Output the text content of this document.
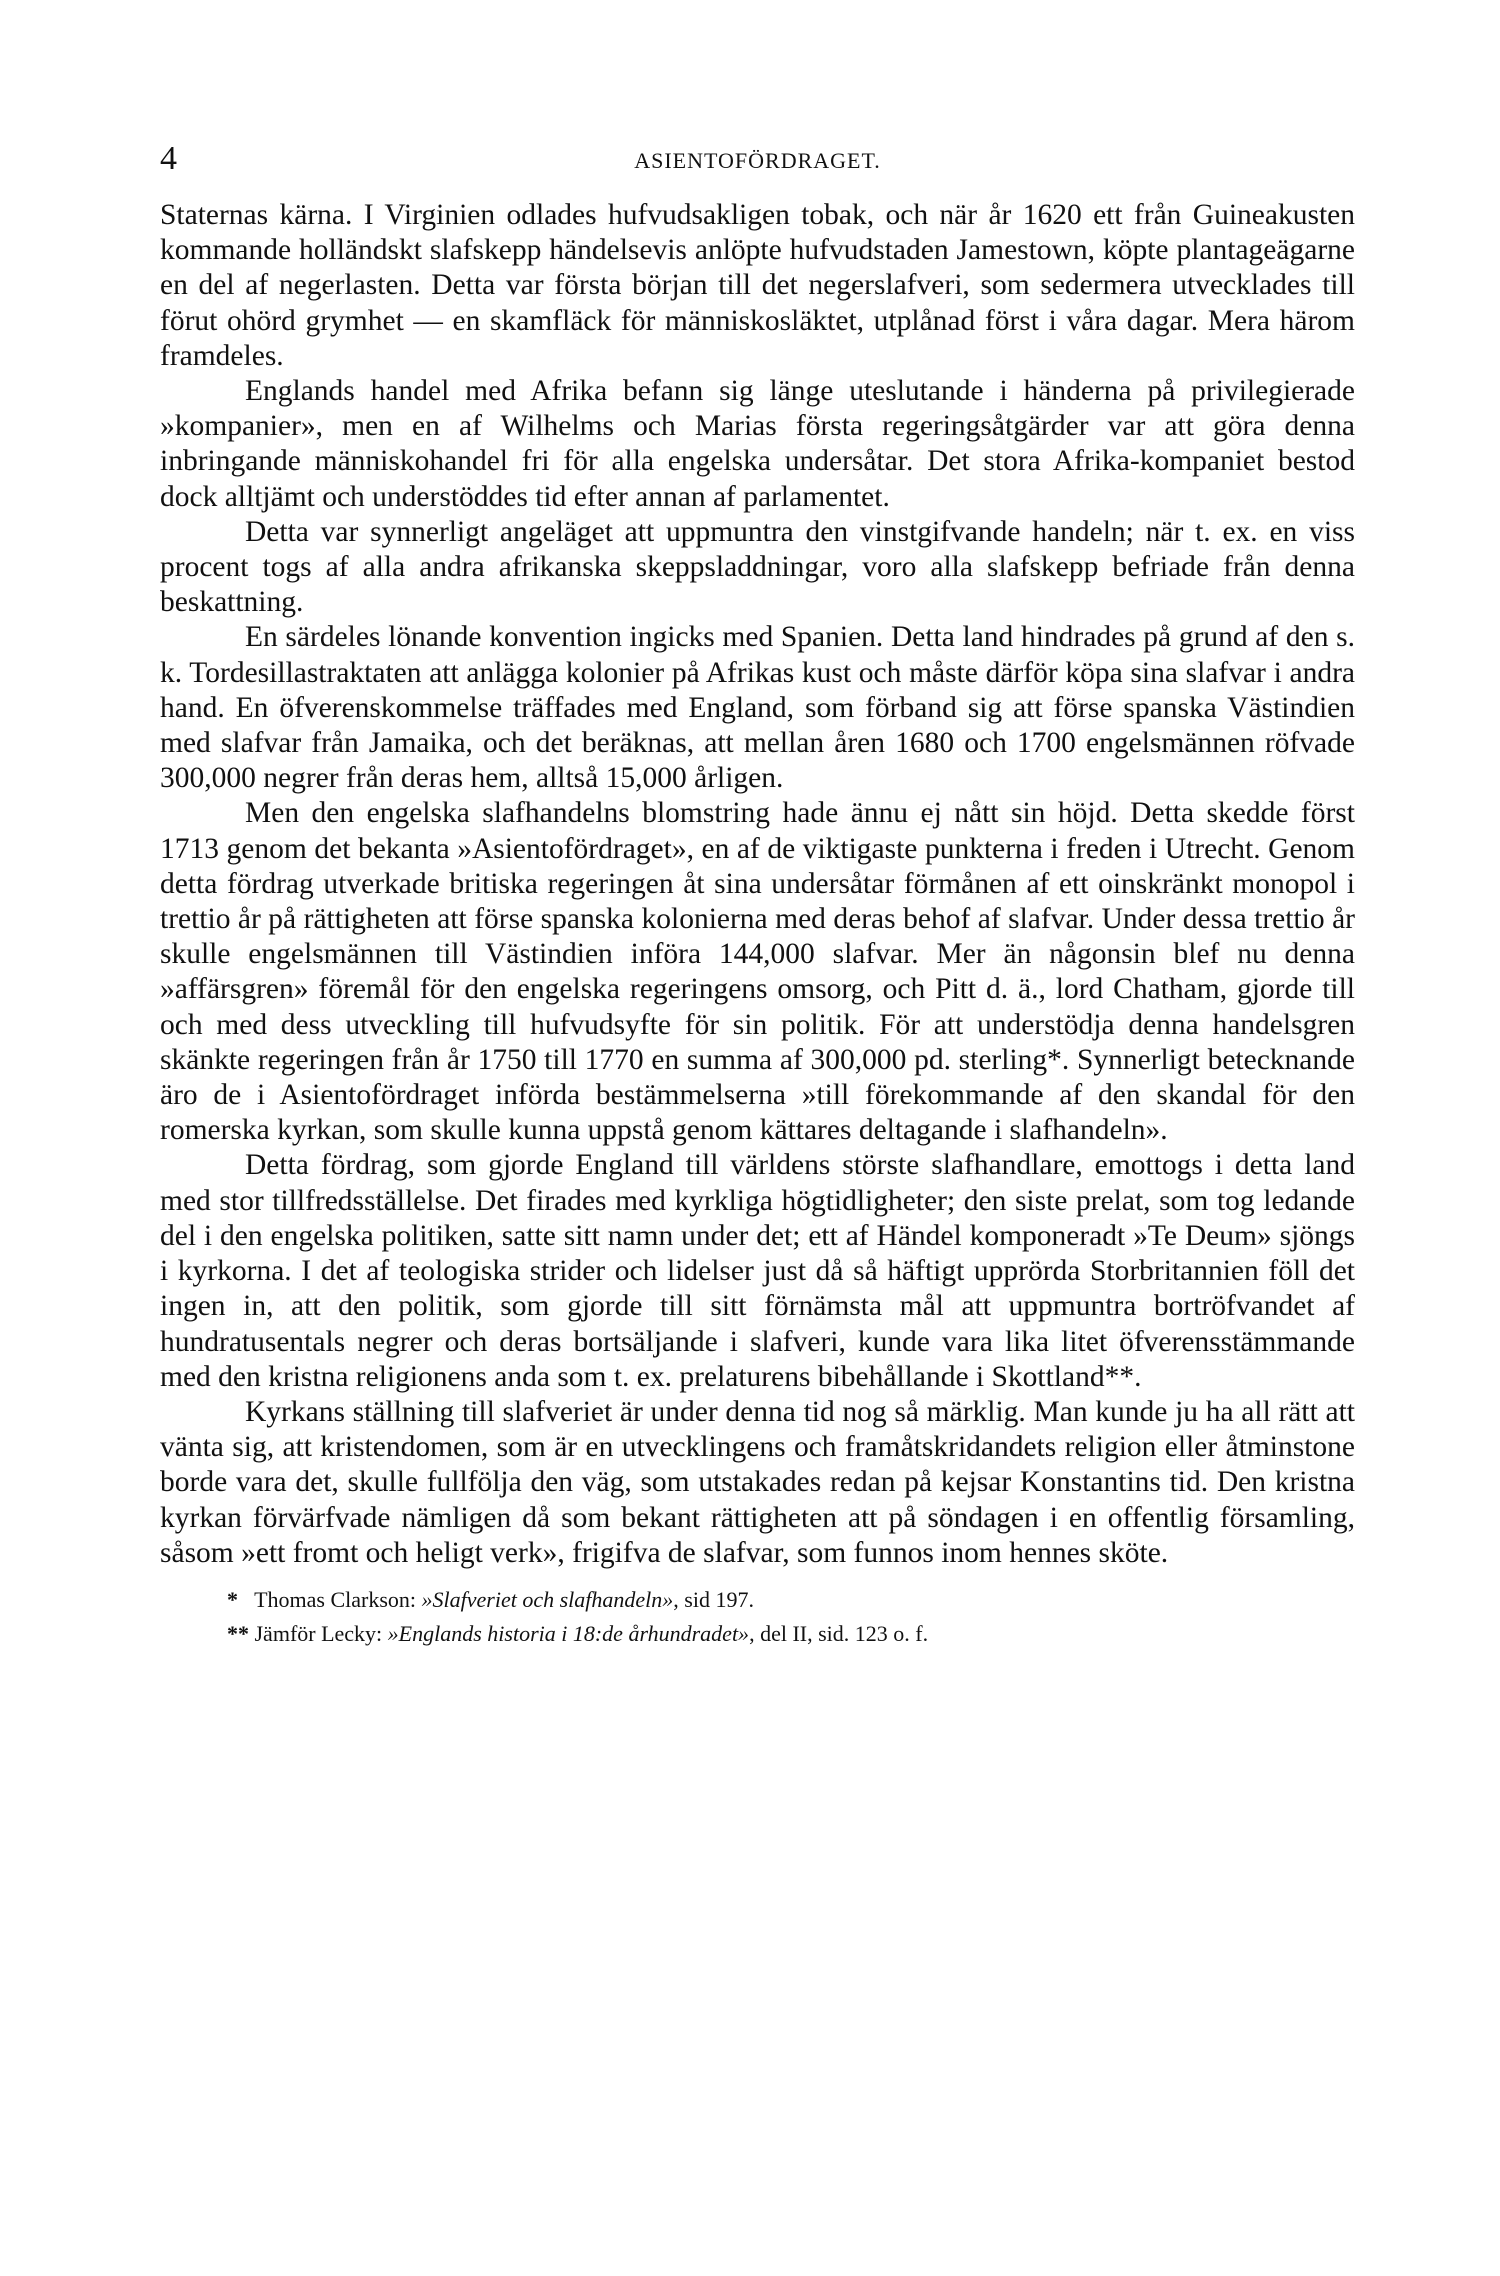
4	ASIENTOFÖRDRAGET.

Staternas kärna. I Virginien odlades hufvudsakligen tobak, och när år 1620 ett från Guineakusten kommande holländskt slafskepp händelsevis anlöpte hufvudstaden Jamestown, köpte plantageägarne en del af negerlasten. Detta var första början till det negerslafveri, som sedermera utvecklades till förut ohörd grymhet — en skamfläck för människosläktet, utplånad först i våra dagar. Mera härom framdeles.

Englands handel med Afrika befann sig länge uteslutande i händerna på privilegierade »kompanier», men en af Wilhelms och Marias första regeringsåtgärder var att göra denna inbringande människohandel fri för alla engelska undersåtar. Det stora Afrika-kompaniet bestod dock alltjämt och understöddes tid efter annan af parlamentet.

Detta var synnerligt angeläget att uppmuntra den vinstgifvande handeln; när t. ex. en viss procent togs af alla andra afrikanska skeppsladdningar, voro alla slafskepp befriade från denna beskattning.

En särdeles lönande konvention ingicks med Spanien. Detta land hindrades på grund af den s. k. Tordesillastraktaten att anlägga kolonier på Afrikas kust och måste därför köpa sina slafvar i andra hand. En öfverenskommelse träffades med England, som förband sig att förse spanska Västindien med slafvar från Jamaika, och det beräknas, att mellan åren 1680 och 1700 engelsmännen röfvade 300,000 negrer från deras hem, alltså 15,000 årligen.

Men den engelska slafhandelns blomstring hade ännu ej nått sin höjd. Detta skedde först 1713 genom det bekanta »Asientofördraget», en af de viktigaste punkterna i freden i Utrecht. Genom detta fördrag utverkade britiska regeringen åt sina undersåtar förmånen af ett oinskränkt monopol i trettio år på rättigheten att förse spanska kolonierna med deras behof af slafvar. Under dessa trettio år skulle engelsmännen till Västindien införa 144,000 slafvar. Mer än någonsin blef nu denna »affärsgren» föremål för den engelska regeringens omsorg, och Pitt d. ä., lord Chatham, gjorde till och med dess utveckling till hufvudsyfte för sin politik. För att understödja denna handelsgren skänkte regeringen från år 1750 till 1770 en summa af 300,000 pd. sterling*. Synnerligt betecknande äro de i Asientofördraget införda bestämmelserna »till förekommande af den skandal för den romerska kyrkan, som skulle kunna uppstå genom kättares deltagande i slafhandeln».

Detta fördrag, som gjorde England till världens störste slafhandlare, emottogs i detta land med stor tillfredsställelse. Det firades med kyrkliga högtidligheter; den siste prelat, som tog ledande del i den engelska politiken, satte sitt namn under det; ett af Händel komponeradt »Te Deum» sjöngs i kyrkorna. I det af teologiska strider och lidelser just då så häftigt upprörda Storbritannien föll det ingen in, att den politik, som gjorde till sitt förnämsta mål att uppmuntra bortröfvandet af hundratusentals negrer och deras bortsäljande i slafveri, kunde vara lika litet öfverensstämmande med den kristna religionens anda som t. ex. prelaturens bibehållande i Skottland**.

Kyrkans ställning till slafveriet är under denna tid nog så märklig. Man kunde ju ha all rätt att vänta sig, att kristendomen, som är en utvecklingens och framåtskridandets religion eller åtminstone borde vara det, skulle fullfölja den väg, som utstakades redan på kejsar Konstantins tid. Den kristna kyrkan förvärfvade nämligen då som bekant rättigheten att på söndagen i en offentlig församling, såsom »ett fromt och heligt verk», frigifva de slafvar, som funnos inom hennes sköte.

* Thomas Clarkson: »Slafveriet och slafhandeln», sid 197.

** Jämför Lecky: »Englands historia i 18:de århundradet», del II, sid. 123 o. f.
